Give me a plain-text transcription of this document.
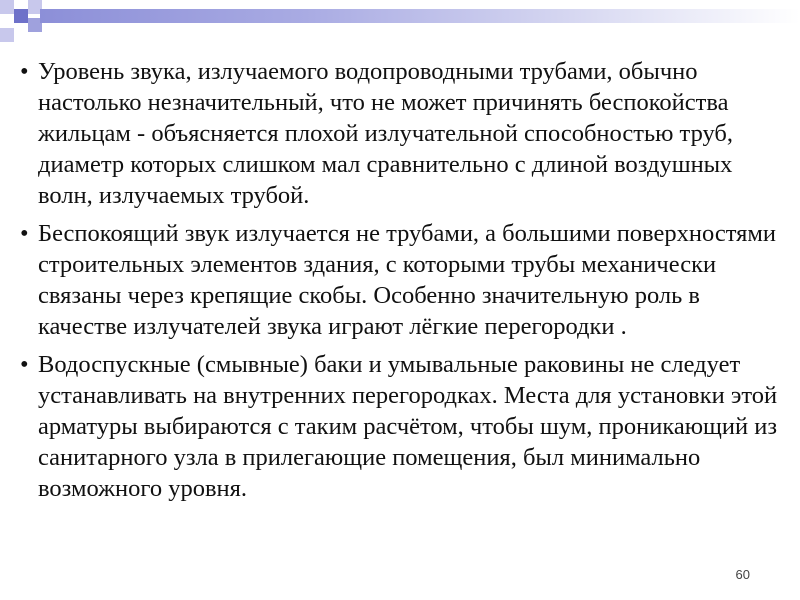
• Уровень звука, излучаемого водопроводными трубами, обычно настолько незначительный, что не может причинять беспокойства жильцам - объясняется плохой излучательной способностью труб, диаметр которых слишком мал сравнительно с длиной воздушных волн, излучаемых трубой.
• Беспокоящий звук излучается не трубами, а большими поверхностями строительных элементов здания, с которыми трубы механически связаны через крепящие скобы. Особенно значительную роль в качестве излучателей звука играют лёгкие перегородки .
• Водоспускные (смывные) баки и умывальные раковины не следует устанавливать на внутренних перегородках. Места для установки этой арматуры выбираются с таким расчётом, чтобы шум, проникающий из санитарного узла в прилегающие помещения, был минимально возможного уровня.
60
